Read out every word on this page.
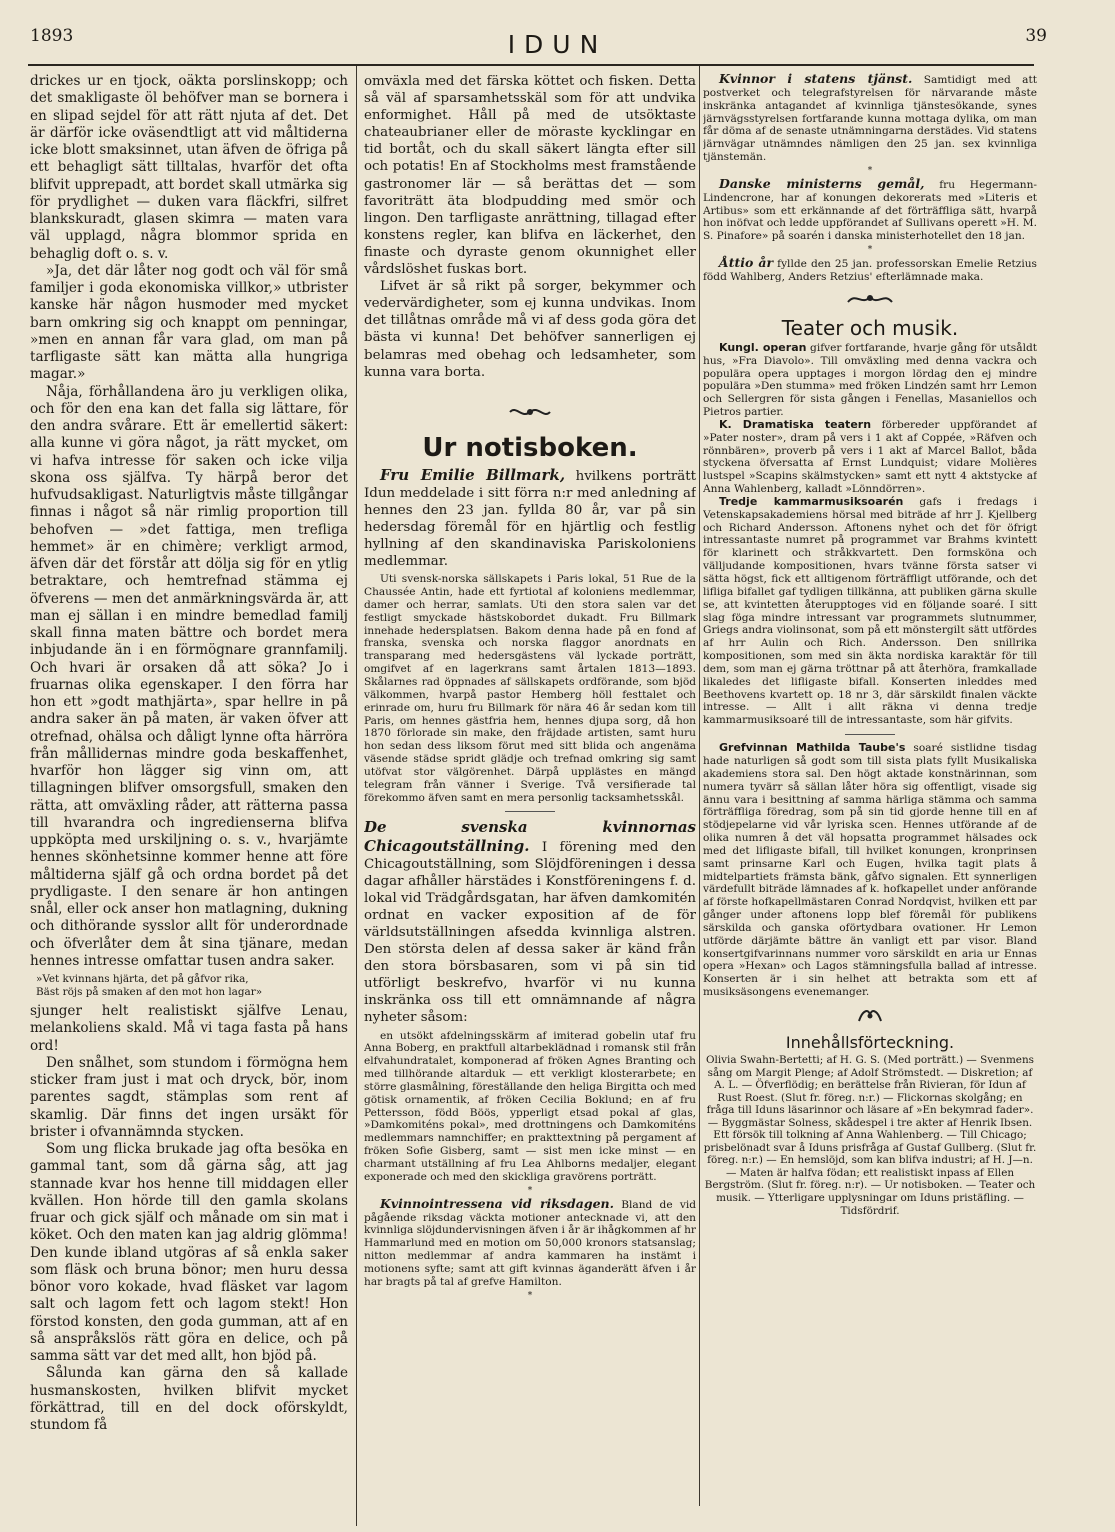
1893	IDUN	39

drickes ur en tjock, oäkta porslinskopp; och det smakligaste öl behöfver man se bornera i en slipad sejdel för att rätt njuta af det. Det är därför icke oväsendtligt att vid måltiderna icke blott smaksinnet, utan äfven de öfriga på ett behagligt sätt tilltalas, hvarför det ofta blifvit upprepadt, att bordet skall utmärka sig för prydlighet — duken vara fläckfri, silfret blankskuradt, glasen skimra — maten vara väl upplagd, några blommor sprida en behaglig doft o. s. v.

»Ja, det där låter nog godt och väl för små familjer i goda ekonomiska villkor,» utbrister kanske här någon husmoder med mycket barn omkring sig och knappt om penningar, »men en annan får vara glad, om man på tarfligaste sätt kan mätta alla hungriga magar.»

Nåja, förhållandena äro ju verkligen olika, och för den ena kan det falla sig lättare, för den andra svårare. Ett är emellertid säkert: alla kunne vi göra något, ja rätt mycket, om vi hafva intresse för saken och icke vilja skona oss själfva. Ty härpå beror det hufvudsakligast. Naturligtvis måste tillgångar finnas i något så när rimlig proportion till behofven — »det fattiga, men trefliga hemmet» är en chimère; verkligt armod, äfven där det förstår att dölja sig för en ytlig betraktare, och hemtrefnad stämma ej öfverens — men det anmärkningsvärda är, att man ej sällan i en mindre bemedlad familj skall finna maten bättre och bordet mera inbjudande än i en förmögnare grannfamilj. Och hvari är orsaken då att söka? Jo i fruarnas olika egenskaper. I den förra har hon ett »godt mathjärta», spar hellre in på andra saker än på maten, är vaken öfver att otrefnad, ohälsa och dåligt lynne ofta härröra från mållidernas mindre goda beskaffenhet, hvarför hon lägger sig vinn om, att tillagningen blifver omsorgsfull, smaken den rätta, att omväxling råder, att rätterna passa till hvarandra och ingredienserna blifva uppköpta med urskiljning o. s. v., hvarjämte hennes skönhetsinne kommer henne att före måltiderna själf gå och ordna bordet på det prydligaste. I den senare är hon antingen snål, eller ock anser hon matlagning, dukning och dithörande sysslor allt för underordnade och öfverlåter dem åt sina tjänare, medan hennes intresse omfattar tusen andra saker.

»Vet kvinnans hjärta, det på gåfvor rika,
Bäst röjs på smaken af den mot hon lagar»

sjunger helt realistiskt själfve Lenau, melankoliens skald. Må vi taga fasta på hans ord!

Den snålhet, som stundom i förmögna hem sticker fram just i mat och dryck, bör, inom parentes sagdt, stämplas som rent af skamlig. Där finns det ingen ursäkt för brister i ofvannämnda stycken.

Som ung flicka brukade jag ofta besöka en gammal tant, som då gärna såg, att jag stannade kvar hos henne till middagen eller kvällen. Hon hörde till den gamla skolans fruar och gick själf och månade om sin mat i köket. Och den maten kan jag aldrig glömma! Den kunde ibland utgöras af så enkla saker som fläsk och bruna bönor; men huru dessa bönor voro kokade, hvad fläsket var lagom salt och lagom fett och lagom stekt! Hon förstod konsten, den goda gumman, att af en så anspråkslös rätt göra en delice, och på samma sätt var det med allt, hon bjöd på.

Sålunda kan gärna den så kallade husmanskosten, hvilken blifvit mycket förkättrad, till en del dock oförskyldt, stundom få

omväxla med det färska köttet och fisken. Detta så väl af sparsamhetsskäl som för att undvika enformighet. Håll på med de utsöktaste chateaubrianer eller de möraste kycklingar en tid bortåt, och du skall säkert längta efter sill och potatis! En af Stockholms mest framstående gastronomer lär — så berättas det — som favoriträtt äta blodpudding med smör och lingon. Den tarfligaste anrättning, tillagad efter konstens regler, kan blifva en läckerhet, den finaste och dyraste genom okunnighet eller vårdslöshet fuskas bort.

Lifvet är så rikt på sorger, bekymmer och vedervärdigheter, som ej kunna undvikas. Inom det tillåtnas område må vi af dess goda göra det bästa vi kunna! Det behöfver sannerligen ej belamras med obehag och ledsamheter, som kunna vara borta.

Ur notisboken.

Fru Emilie Billmark, hvilkens porträtt Idun meddelade i sitt förra n:r med anledning af hennes den 23 jan. fyllda 80 år, var på sin hedersdag föremål för en hjärtlig och festlig hyllning af den skandinaviska Pariskoloniens medlemmar.

Uti svensk-norska sällskapets i Paris lokal, 51 Rue de la Chaussée Antin, hade ett fyrtiotal af koloniens medlemmar, damer och herrar, samlats. Uti den stora salen var det festligt smyckade hästskobordet dukadt. Fru Billmark innehade hedersplatsen. Bakom denna hade på en fond af franska, svenska och norska flaggor anordnats en transparang med hedersgästens väl lyckade porträtt, omgifvet af en lagerkrans samt årtalen 1813—1893. Skålarnes rad öppnades af sällskapets ordförande, som bjöd välkommen, hvarpå pastor Hemberg höll festtalet och erinrade om, huru fru Billmark för nära 46 år sedan kom till Paris, om hennes gästfria hem, hennes djupa sorg, då hon 1870 förlorade sin make, den fräjdade artisten, samt huru hon sedan dess liksom förut med sitt blida och angenäma väsende städse spridt glädje och trefnad omkring sig samt utöfvat stor välgörenhet. Därpå upplästes en mängd telegram från vänner i Sverige. Två versifierade tal förekommo äfven samt en mera personlig tacksamhetsskål.

De svenska kvinnornas Chicagoutställning. I förening med den Chicagoutställning, som Slöjdföreningen i dessa dagar afhåller härstädes i Konstföreningens f. d. lokal vid Trädgårdsgatan, har äfven damkomitén ordnat en vacker exposition af de för världsutställningen afsedda kvinnliga alstren. Den största delen af dessa saker är känd från den stora börsbasaren, som vi på sin tid utförligt beskrefvo, hvarför vi nu kunna inskränka oss till ett omnämnande af några nyheter såsom:

en utsökt afdelningsskärm af imiterad gobelin utaf fru Anna Boberg, en praktfull altarbeklädnad i romansk stil från elfvahundratalet, komponerad af fröken Agnes Branting och med tillhörande altarduk — ett verkligt klosterarbete; en större glasmålning, föreställande den heliga Birgitta och med götisk ornamentik, af fröken Cecilia Boklund; en af fru Pettersson, född Böös, ypperligt etsad pokal af glas, »Damkomiténs pokal», med drottningens och Damkomiténs medlemmars namnchiffer; en prakttextning på pergament af fröken Sofie Gisberg, samt — sist men icke minst — en charmant utställning af fru Lea Ahlborns medaljer, elegant exponerade och med den skickliga gravörens porträtt.

*

Kvinnointressena vid riksdagen. Bland de vid pågående riksdag väckta motioner antecknade vi, att den kvinnliga slöjdundervisningen äfven i år är ihågkommen af hr Hammarlund med en motion om 50,000 kronors statsanslag; nitton medlemmar af andra kammaren ha instämt i motionens syfte; samt att gift kvinnas äganderätt äfven i år har bragts på tal af grefve Hamilton.

*

Kvinnor i statens tjänst. Samtidigt med att postverket och telegrafstyrelsen för närvarande måste inskränka antagandet af kvinnliga tjänstesökande, synes järnvägsstyrelsen fortfarande kunna mottaga dylika, om man får döma af de senaste utnämningarna derstädes. Vid statens järnvägar utnämndes nämligen den 25 jan. sex kvinnliga tjänstemän.

*

Danske ministerns gemål, fru Hegermann-Lindencrone, har af konungen dekorerats med »Literis et Artibus» som ett erkännande af det förträffliga sätt, hvarpå hon inöfvat och ledde uppförandet af Sullivans operett »H. M. S. Pinafore» på soarén i danska ministerhotellet den 18 jan.

*

Åttio år fyllde den 25 jan. professorskan Emelie Retzius född Wahlberg, Anders Retzius' efterlämnade maka.

Teater och musik.

Kungl. operan gifver fortfarande, hvarje gång för utsåldt hus, »Fra Diavolo». Till omväxling med denna vackra och populära opera upptages i morgon lördag den ej mindre populära »Den stumma» med fröken Lindzén samt hrr Lemon och Sellergren för sista gången i Fenellas, Masaniellos och Pietros partier.

K. Dramatiska teatern förbereder uppförandet af »Pater noster», dram på vers i 1 akt af Coppée, »Räfven och rönnbären», proverb på vers i 1 akt af Marcel Ballot, båda styckena öfversatta af Ernst Lundquist; vidare Molières lustspel »Scapins skälmstycken» samt ett nytt 4 aktstycke af Anna Wahlenberg, kalladt »Lönndörren».

Tredje kammarmusiksoarén gafs i fredags i Vetenskapsakademiens hörsal med biträde af hrr J. Kjellberg och Richard Andersson. Aftonens nyhet och det för öfrigt intressantaste numret på programmet var Brahms kvintett för klarinett och stråkkvartett. Den formsköna och välljudande kompositionen, hvars tvänne första satser vi sätta högst, fick ett alltigenom förträffligt utförande, och det lifliga bifallet gaf tydligen tillkänna, att publiken gärna skulle se, att kvintetten återupptoges vid en följande soaré. I sitt slag föga mindre intressant var programmets slutnummer, Griegs andra violinsonat, som på ett mönstergilt sätt utfördes af hrr Aulin och Rich. Andersson. Den snillrika kompositionen, som med sin äkta nordiska karaktär för till dem, som man ej gärna tröttnar på att återhöra, framkallade likaledes det lifligaste bifall. Konserten inleddes med Beethovens kvartett op. 18 nr 3, där särskildt finalen väckte intresse. — Allt i allt räkna vi denna tredje kammarmusiksoaré till de intressantaste, som här gifvits.

Grefvinnan Mathilda Taube's soaré sistlidne tisdag hade naturligen så godt som till sista plats fyllt Musikaliska akademiens stora sal. Den högt aktade konstnärinnan, som numera tyvärr så sällan låter höra sig offentligt, visade sig ännu vara i besittning af samma härliga stämma och samma förträffliga föredrag, som på sin tid gjorde henne till en af stödjepelarne vid vår lyriska scen. Hennes utförande af de olika numren å det väl hopsatta programmet hälsades ock med det lifligaste bifall, till hvilket konungen, kronprinsen samt prinsarne Karl och Eugen, hvilka tagit plats å midtelpartiets främsta bänk, gåfvo signalen. Ett synnerligen värdefullt biträde lämnades af k. hofkapellet under anförande af förste hofkapellmästaren Conrad Nordqvist, hvilken ett par gånger under aftonens lopp blef föremål för publikens särskilda och ganska oförtydbara ovationer. Hr Lemon utförde därjämte bättre än vanligt ett par visor. Bland konsertgifvarinnans nummer voro särskildt en aria ur Ennas opera »Hexan» och Lagos stämningsfulla ballad af intresse. Konserten är i sin helhet att betrakta som ett af musiksäsongens evenemanger.

Innehållsförteckning.

Olivia Swahn-Bertetti; af H. G. S. (Med porträtt.) — Svenmens sång om Margit Plenge; af Adolf Strömstedt. — Diskretion; af A. L. — Öfverflödig; en berättelse från Rivieran, för Idun af Rust Roest. (Slut fr. föreg. n:r.) — Flickornas skolgång; en fråga till Iduns läsarinnor och läsare af »En bekymrad fader». — Byggmästar Solness, skådespel i tre akter af Henrik Ibsen. Ett försök till tolkning af Anna Wahlenberg. — Till Chicago; prisbelönadt svar å Iduns prisfråga af Gustaf Gullberg. (Slut fr. föreg. n:r.) — En hemslöjd, som kan blifva industri; af H. J—n. — Maten är halfva födan; ett realistiskt inpass af Ellen Bergström. (Slut fr. föreg. n:r). — Ur notisboken. — Teater och musik. — Ytterligare upplysningar om Iduns pristäfling. — Tidsfördrif.
